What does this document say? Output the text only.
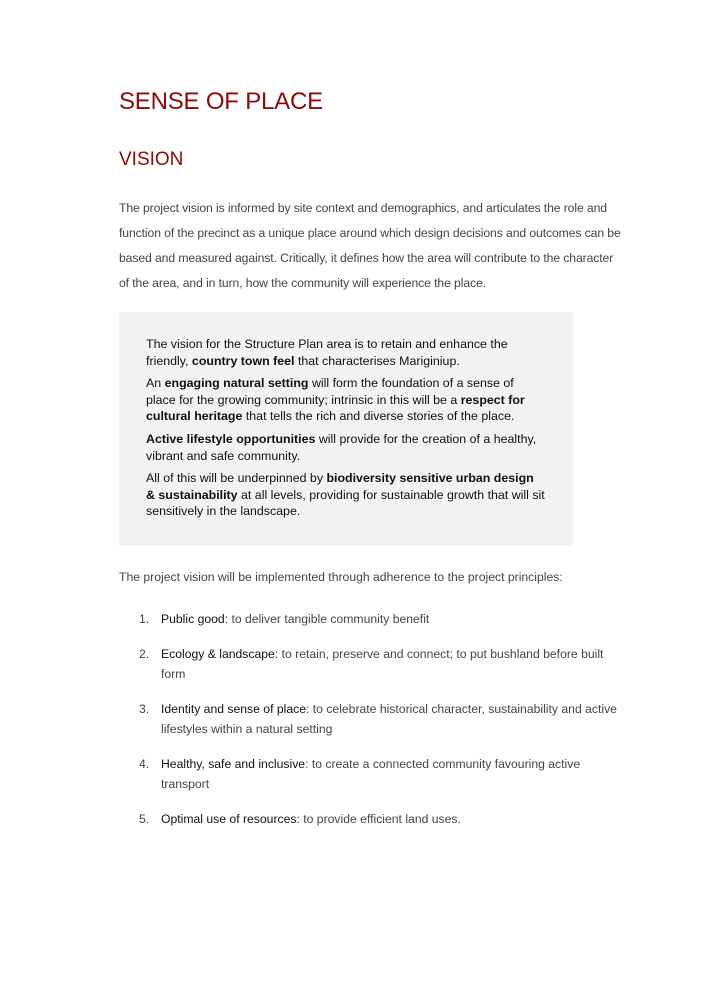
SENSE OF PLACE
VISION

The project vision is informed by site context and demographics, and articulates the role and function of the precinct as a unique place around which design decisions and outcomes can be based and measured against. Critically, it defines how the area will contribute to the character of the area, and in turn, how the community will experience the place.

The vision for the Structure Plan area is to retain and enhance the friendly, country town feel that characterises Mariginiup.

An engaging natural setting will form the foundation of a sense of place for the growing community; intrinsic in this will be a respect for cultural heritage that tells the rich and diverse stories of the place.

Active lifestyle opportunities will provide for the creation of a healthy, vibrant and safe community.

All of this will be underpinned by biodiversity sensitive urban design & sustainability at all levels, providing for sustainable growth that will sit sensitively in the landscape.

The project vision will be implemented through adherence to the project principles:

1. Public good: to deliver tangible community benefit
2. Ecology & landscape: to retain, preserve and connect; to put bushland before built form
3. Identity and sense of place: to celebrate historical character, sustainability and active lifestyles within a natural setting
4. Healthy, safe and inclusive: to create a connected community favouring active transport
5. Optimal use of resources: to provide efficient land uses.
